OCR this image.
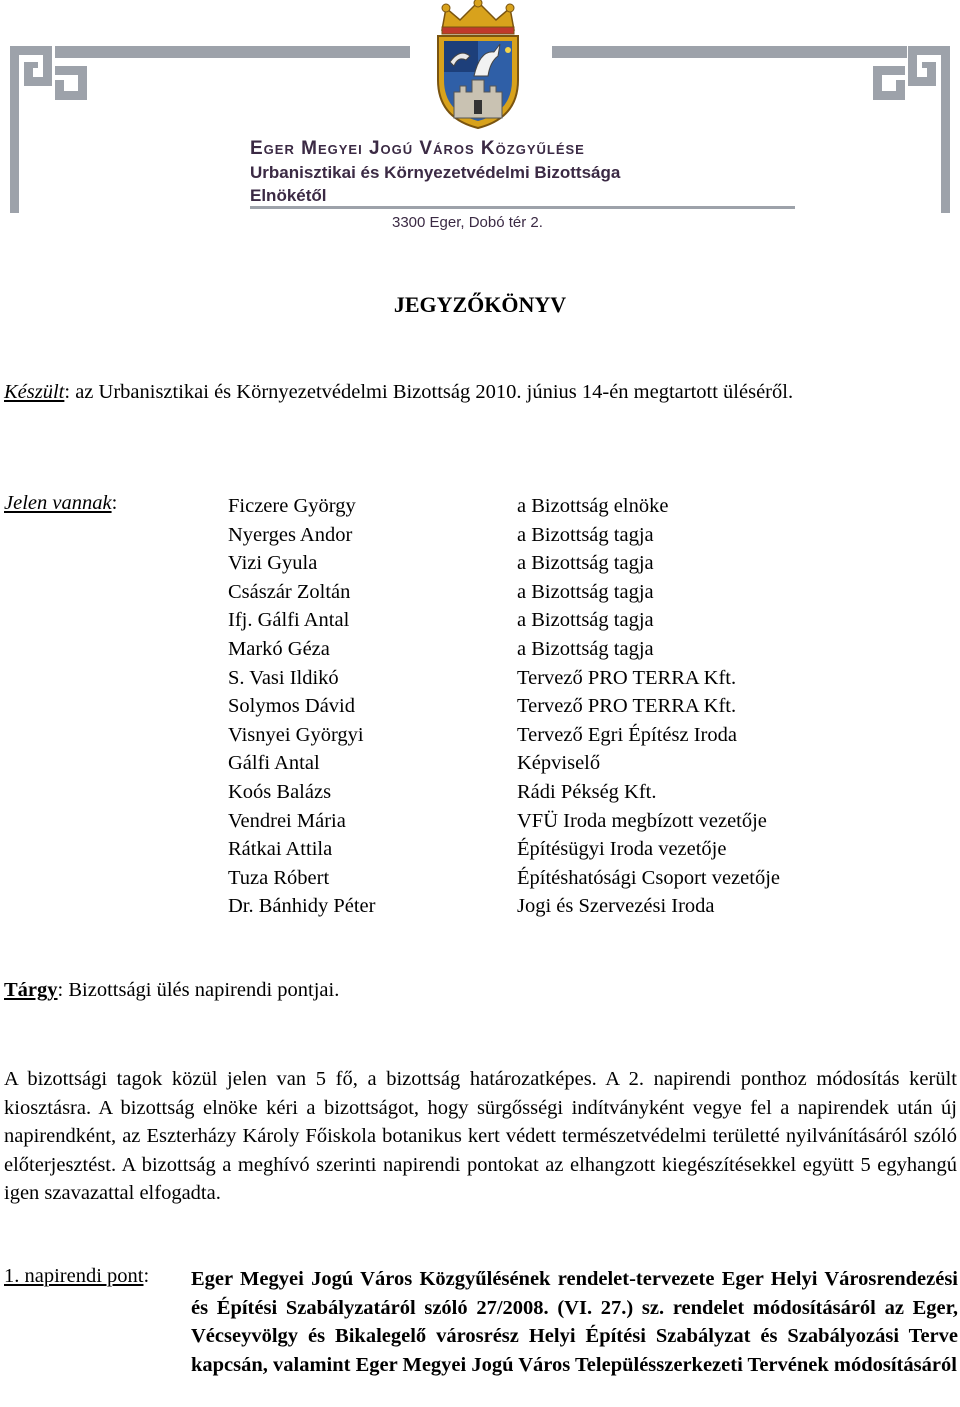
Eger Megyei Jogú Város Közgyűlése
Urbanisztikai és Környezetvédelmi Bizottsága
Elnökétől
3300 Eger, Dobó tér 2.
JEGYZŐKÖNYV
Készült: az Urbanisztikai és Környezetvédelmi Bizottság 2010. június 14-én megtartott üléséről.
Jelen vannak:	Ficzere György
Nyerges Andor
Vizi Gyula
Császár Zoltán
Ifj. Gálfi Antal
Markó Géza
S. Vasi Ildikó
Solymos Dávid
Visnyei Györgyi
Gálfi Antal
Koós Balázs
Vendrei Mária
Rátkai Attila
Tuza Róbert
Dr. Bánhidy Péter
a Bizottság elnöke
a Bizottság tagja
a Bizottság tagja
a Bizottság tagja
a Bizottság tagja
a Bizottság tagja
Tervező PRO TERRA Kft.
Tervező PRO TERRA Kft.
Tervező Egri Építész Iroda
Képviselő
Rádi Pékség Kft.
VFÜ Iroda megbízott vezetője
Építésügyi Iroda vezetője
Építéshatósági Csoport vezetője
Jogi és Szervezési Iroda
Tárgy: Bizottsági ülés napirendi pontjai.
A bizottsági tagok közül jelen van 5 fő, a bizottság határozatképes. A 2. napirendi ponthoz módosítás került kiosztásra. A bizottság elnöke kéri a bizottságot, hogy sürgősségi indítványként vegye fel a napirendek után új napirendként, az Eszterházy Károly Főiskola botanikus kert védett természetvédelmi területté nyilvánításáról szóló előterjesztést. A bizottság a meghívó szerinti napirendi pontokat az elhangzott kiegészítésekkel együtt 5 egyhangú igen szavazattal elfogadta.
1. napirendi pont: Eger Megyei Jogú Város Közgyűlésének rendelet-tervezete Eger Helyi Városrendezési és Építési Szabályzatáról szóló 27/2008. (VI. 27.) sz. rendelet módosításáról az Eger, Vécseyvölgy és Bikalegelő városrész Helyi Építési Szabályzat és Szabályozási Terve kapcsán, valamint Eger Megyei Jogú Város Településszerkezeti Tervének módosításáról
